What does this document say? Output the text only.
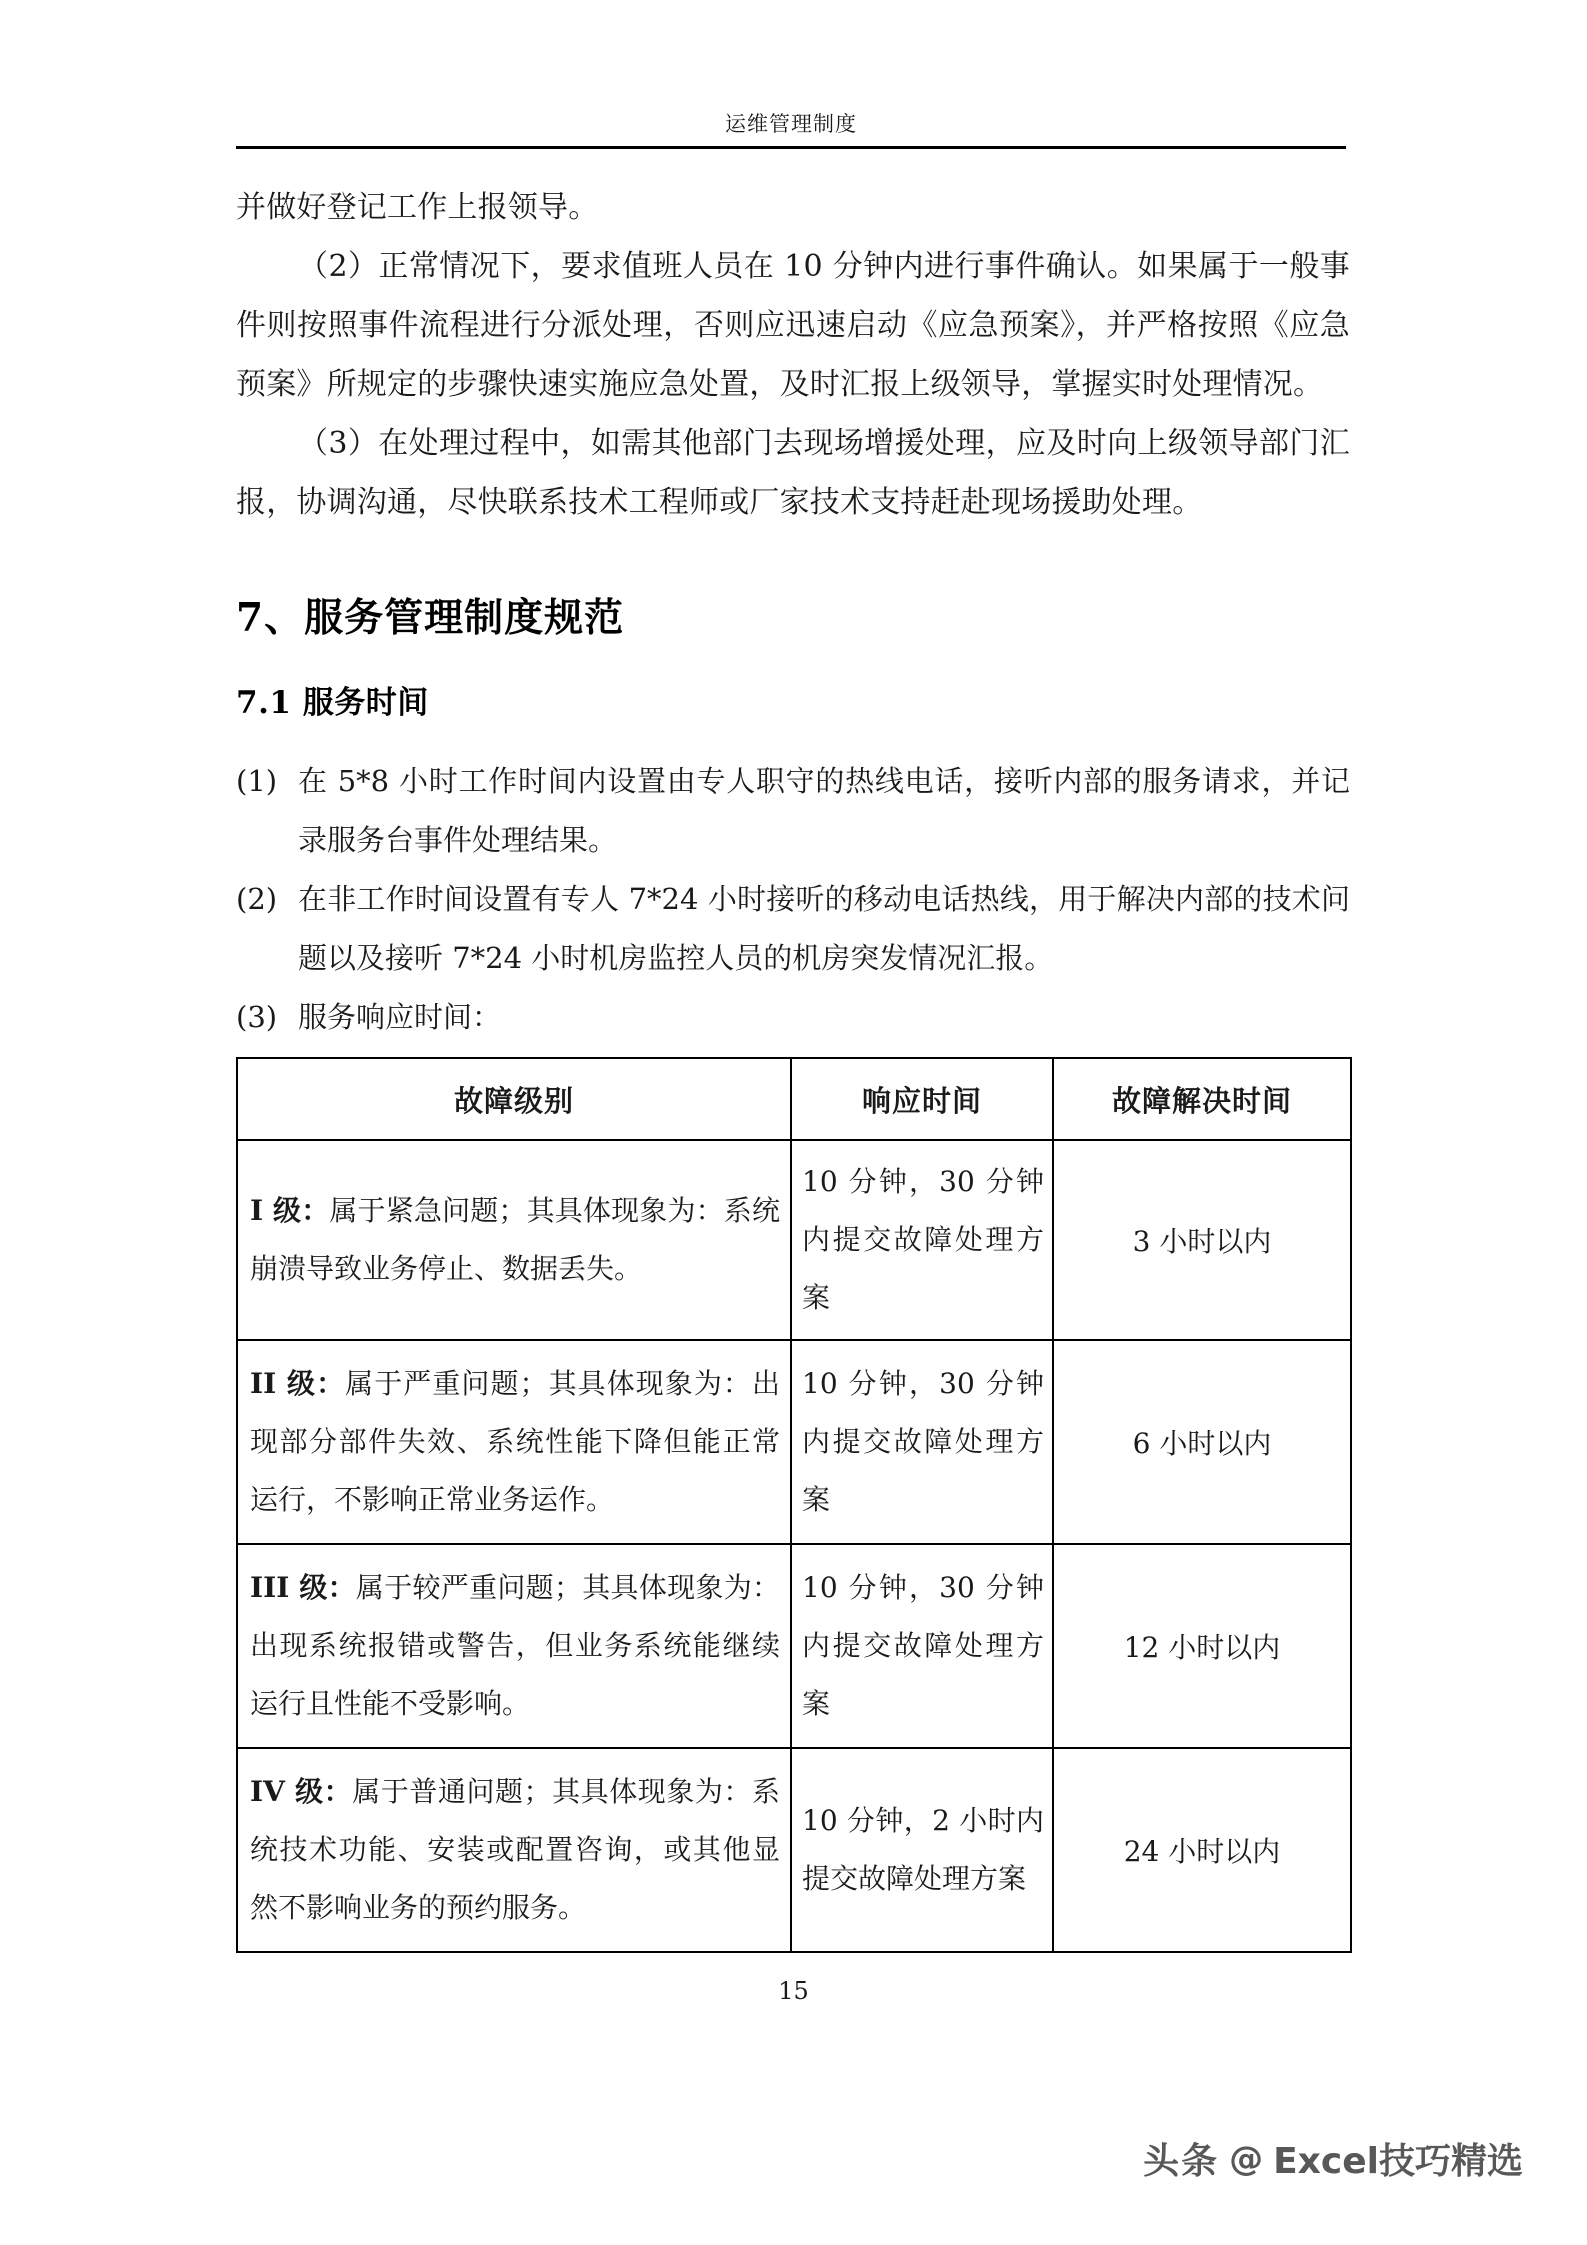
运维管理制度

并做好登记工作上报领导。

（2）正常情况下，要求值班人员在 10 分钟内进行事件确认。如果属于一般事件则按照事件流程进行分派处理，否则应迅速启动《应急预案》，并严格按照《应急预案》所规定的步骤快速实施应急处置，及时汇报上级领导，掌握实时处理情况。

（3）在处理过程中，如需其他部门去现场增援处理，应及时向上级领导部门汇报，协调沟通，尽快联系技术工程师或厂家技术支持赶赴现场援助处理。

7、服务管理制度规范
7.1 服务时间
(1) 在 5*8 小时工作时间内设置由专人职守的热线电话，接听内部的服务请求，并记录服务台事件处理结果。
(2) 在非工作时间设置有专人 7*24 小时接听的移动电话热线，用于解决内部的技术问题以及接听 7*24 小时机房监控人员的机房突发情况汇报。
(3) 服务响应时间：
故障级别	响应时间	故障解决时间
I 级：属于紧急问题；其具体现象为：系统崩溃导致业务停止、数据丢失。	10 分钟，30 分钟内提交故障处理方案	3 小时以内
II 级：属于严重问题；其具体现象为：出现部分部件失效、系统性能下降但能正常运行，不影响正常业务运作。	10 分钟，30 分钟内提交故障处理方案	6 小时以内
III 级：属于较严重问题；其具体现象为：出现系统报错或警告，但业务系统能继续运行且性能不受影响。	10 分钟，30 分钟内提交故障处理方案	12 小时以内
IV 级：属于普通问题；其具体现象为：系统技术功能、安装或配置咨询，或其他显然不影响业务的预约服务。	10 分钟，2 小时内提交故障处理方案	24 小时以内
15
头条 @ Excel技巧精选
